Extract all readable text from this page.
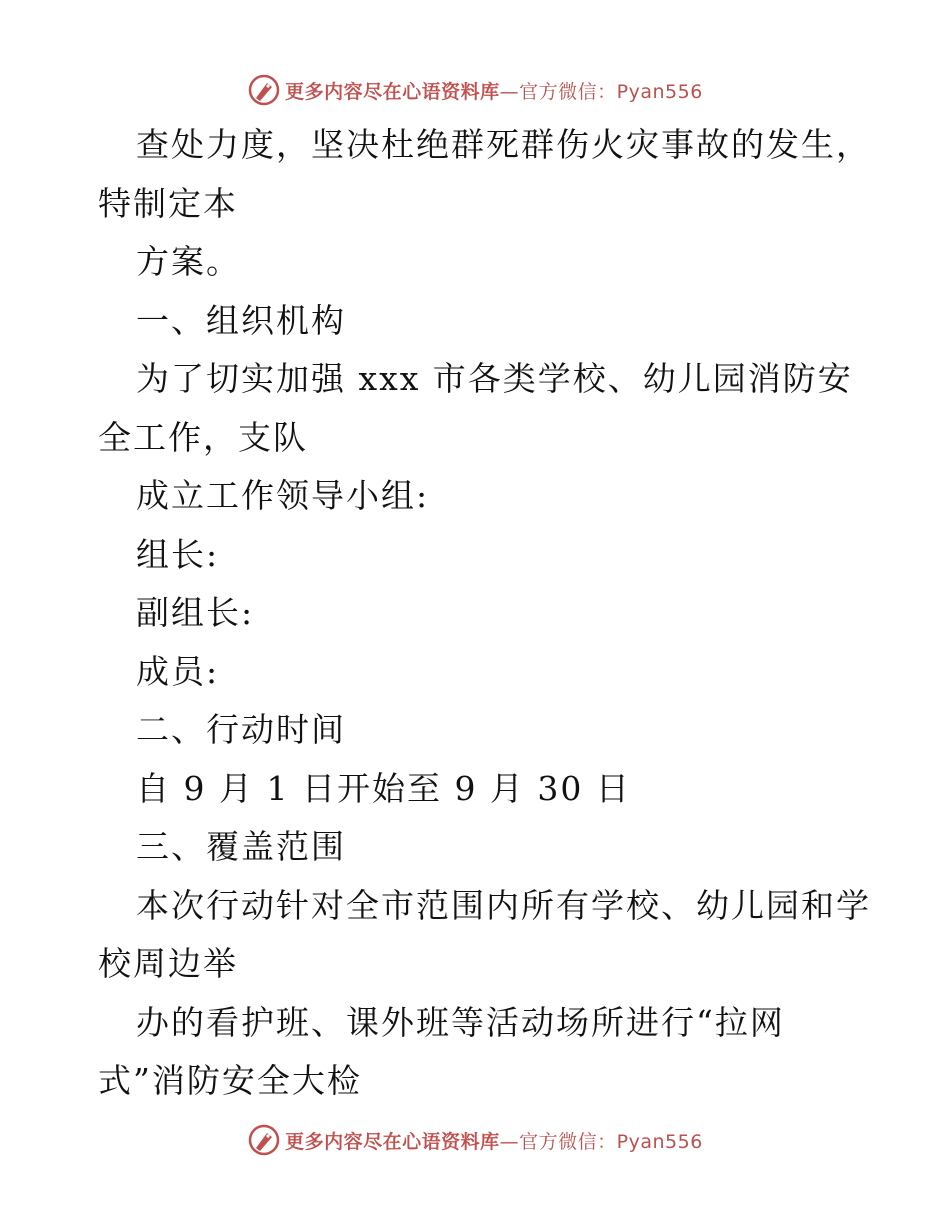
更多内容尽在心语资料库—官方微信：Pyan556
查处力度，坚决杜绝群死群伤火灾事故的发生，
特制定本
方案。
一、组织机构
为了切实加强 xxx 市各类学校、幼儿园消防安
全工作，支队
成立工作领导小组:
组长:
副组长:
成员:
二、行动时间
自 9 月 1 日开始至 9 月 30 日
三、覆盖范围
本次行动针对全市范围内所有学校、幼儿园和学
校周边举
办的看护班、课外班等活动场所进行“拉网
式”消防安全大检
更多内容尽在心语资料库—官方微信：Pyan556
